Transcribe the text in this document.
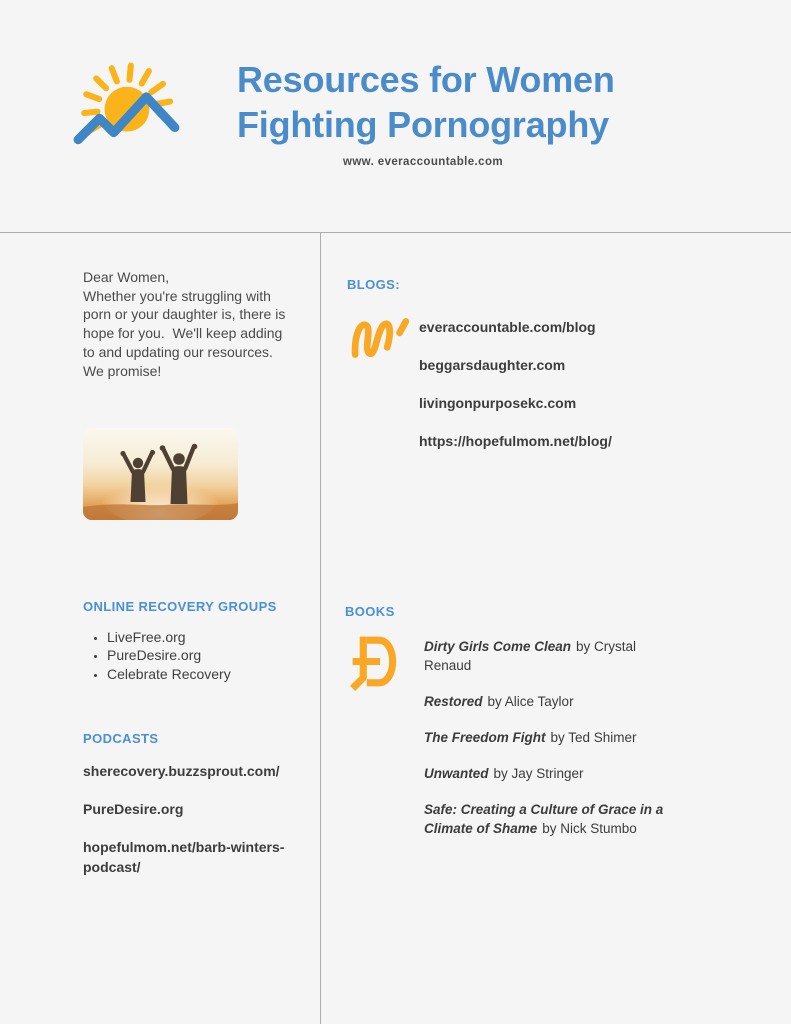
Resources for Women
Fighting Pornography
www. everaccountable.com

Dear Women,

Whether you're struggling with porn or your daughter is, there is hope for you.  We'll keep adding to and updating our resources. We promise!

ONLINE RECOVERY GROUPS
• LiveFree.org
• PureDesire.org
• Celebrate Recovery
PODCASTS

sherecovery.buzzsprout.com/

PureDesire.org

hopefulmom.net/barb-winters-podcast/

BLOGS:

everaccountable.com/blog

beggarsdaughter.com

livingonpurposekc.com

https://hopefulmom.net/blog/

BOOKS

Dirty Girls Come Clean by Crystal Renaud

Restored by Alice Taylor

The Freedom Fight by Ted Shimer

Unwanted by Jay Stringer

Safe: Creating a Culture of Grace in a Climate of Shame by Nick Stumbo
